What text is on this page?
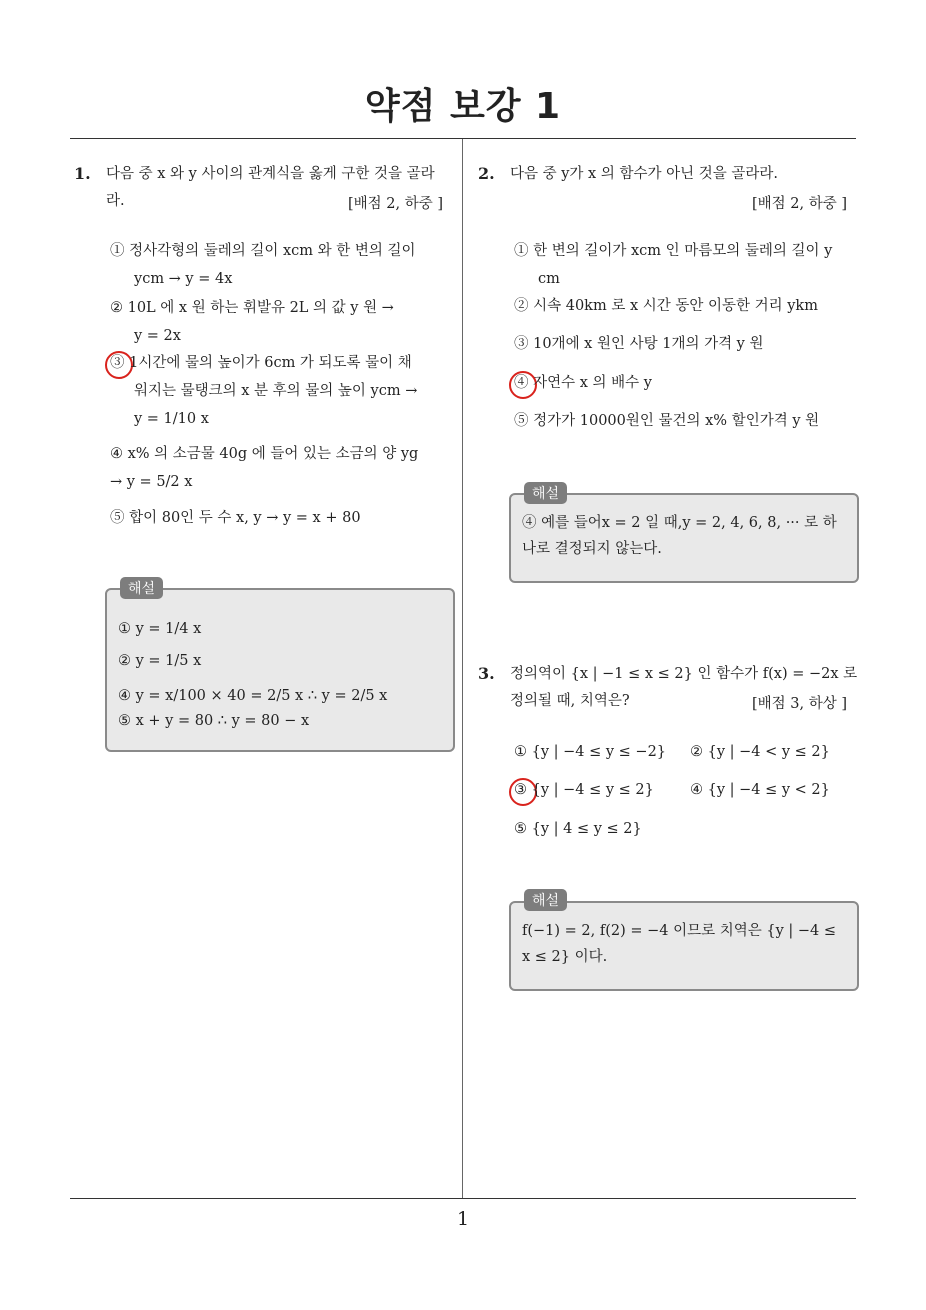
약점 보강 1
1. 다음 중 x 와 y 사이의 관계식을 옳게 구한 것을 골라
라.	[배점 2, 하중 ]
① 정사각형의 둘레의 길이 xcm 와 한 변의 길이
ycm → y = 4x
② 10L 에 x 원 하는 휘발유 2L 의 값 y 원 →
y = 2x
③ 1시간에 물의 높이가 6cm 가 되도록 물이 채
워지는 물탱크의 x 분 후의 물의 높이 ycm →
y = 1/10 x
④ x% 의 소금물 40g 에 들어 있는 소금의 양 yg
→ y = 5/2 x
⑤ 합이 80인 두 수 x, y → y = x + 80
해설
① y = 1/4 x
② y = 1/5 x
④ y = x/100 × 40 = 2/5 x ∴ y = 2/5 x
⑤ x + y = 80 ∴ y = 80 − x
2. 다음 중 y가 x 의 함수가 아닌 것을 골라라.
[배점 2, 하중 ]
① 한 변의 길이가 xcm 인 마름모의 둘레의 길이 y
cm
② 시속 40km 로 x 시간 동안 이동한 거리 ykm
③ 10개에 x 원인 사탕 1개의 가격 y 원
④ 자연수 x 의 배수 y
⑤ 정가가 10000원인 물건의 x% 할인가격 y 원
해설
④ 예를 들어x = 2 일 때,y = 2, 4, 6, 8, ··· 로 하
나로 결정되지 않는다.
3. 정의역이 {x | −1 ≤ x ≤ 2} 인 함수가 f(x) = −2x 로
정의될 때, 치역은?	[배점 3, 하상 ]
① {y | −4 ≤ y ≤ −2} ② {y | −4 < y ≤ 2}
③ {y | −4 ≤ y ≤ 2} ④ {y | −4 ≤ y < 2}
⑤ {y | 4 ≤ y ≤ 2}
해설
f(−1) = 2, f(2) = −4 이므로 치역은 {y | −4 ≤
x ≤ 2} 이다.
1
